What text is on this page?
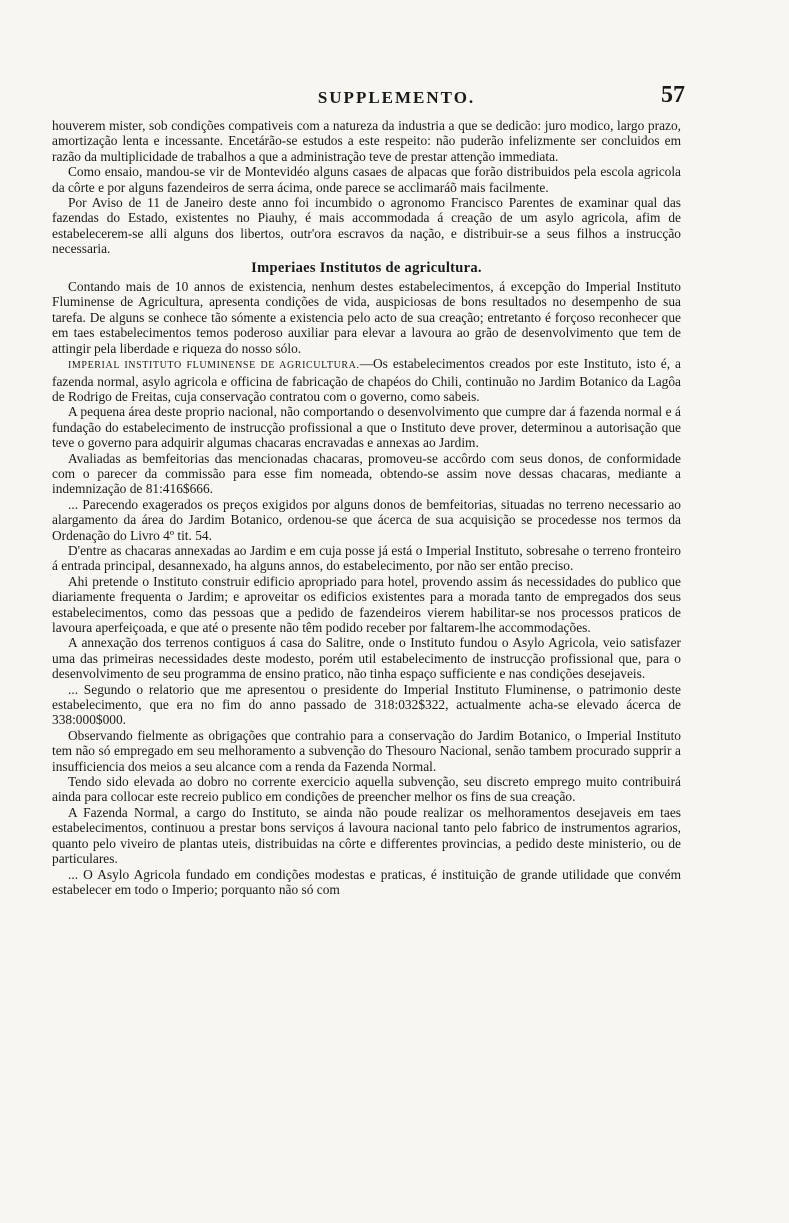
SUPPLEMENTO.	57

houverem mister, sob condições compativeis com a natureza da industria a que se dedicão: juro modico, largo prazo, amortização lenta e incessante. Encetárão-se estudos a este respeito: não puderão infelizmente ser concluidos em razão da multiplicidade de trabalhos a que a administração teve de prestar attenção immediata.

Como ensaio, mandou-se vir de Montevidéo alguns casaes de alpacas que forão distribuidos pela escola agricola da côrte e por alguns fazendeiros de serra ácima, onde parece se acclimaráõ mais facilmente.

Por Aviso de 11 de Janeiro deste anno foi incumbido o agronomo Francisco Parentes de examinar qual das fazendas do Estado, existentes no Piauhy, é mais accommodada á creação de um asylo agricola, afim de estabelecerem-se alli alguns dos libertos, outr'ora escravos da nação, e distribuir-se a seus filhos a instrucção necessaria.

Imperiaes Institutos de agricultura.

Contando mais de 10 annos de existencia, nenhum destes estabelecimentos, á excepção do Imperial Instituto Fluminense de Agricultura, apresenta condições de vida, auspiciosas de bons resultados no desempenho de sua tarefa. De alguns se conhece tão sómente a existencia pelo acto de sua creação; entretanto é forçoso reconhecer que em taes estabelecimentos temos poderoso auxiliar para elevar a lavoura ao grão de desenvolvimento que tem de attingir pela liberdade e riqueza do nosso sólo.

IMPERIAL INSTITUTO FLUMINENSE DE AGRICULTURA.—Os estabelecimentos creados por este Instituto, isto é, a fazenda normal, asylo agricola e officina de fabricação de chapéos do Chili, continuão no Jardim Botanico da Lagôa de Rodrigo de Freitas, cuja conservação contratou com o governo, como sabeis.

A pequena área deste proprio nacional, não comportando o desenvolvimento que cumpre dar á fazenda normal e á fundação do estabelecimento de instrucção profissional a que o Instituto deve prover, determinou a autorisação que teve o governo para adquirir algumas chacaras encravadas e annexas ao Jardim.

Avaliadas as bemfeitorias das mencionadas chacaras, promoveu-se accôrdo com seus donos, de conformidade com o parecer da commissão para esse fim nomeada, obtendo-se assim nove dessas chacaras, mediante a indemnização de 81:416$666.

... Parecendo exagerados os preços exigidos por alguns donos de bemfeitorias, situadas no terreno necessario ao alargamento da área do Jardim Botanico, ordenou-se que ácerca de sua acquisição se procedesse nos termos da Ordenação do Livro 4º tit. 54.

D'entre as chacaras annexadas ao Jardim e em cuja posse já está o Imperial Instituto, sobresahe o terreno fronteiro á entrada principal, desannexado, ha alguns annos, do estabelecimento, por não ser então preciso.

Ahi pretende o Instituto construir edificio apropriado para hotel, provendo assim ás necessidades do publico que diariamente frequenta o Jardim; e aproveitar os edificios existentes para a morada tanto de empregados dos seus estabelecimentos, como das pessoas que a pedido de fazendeiros vierem habilitar-se nos processos praticos de lavoura aperfeiçoada, e que até o presente não têm podido receber por faltarem-lhe accommodações.

A annexação dos terrenos contiguos á casa do Salitre, onde o Instituto fundou o Asylo Agricola, veio satisfazer uma das primeiras necessidades deste modesto, porém util estabelecimento de instrucção profissional que, para o desenvolvimento de seu programma de ensino pratico, não tinha espaço sufficiente e nas condições desejaveis.

... Segundo o relatorio que me apresentou o presidente do Imperial Instituto Fluminense, o patrimonio deste estabelecimento, que era no fim do anno passado de 318:032$322, actualmente acha-se elevado ácerca de 338:000$000.

Observando fielmente as obrigações que contrahio para a conservação do Jardim Botanico, o Imperial Instituto tem não só empregado em seu melhoramento a subvenção do Thesouro Nacional, senão tambem procurado supprir a insufficiencia dos meios a seu alcance com a renda da Fazenda Normal.

Tendo sido elevada ao dobro no corrente exercicio aquella subvenção, seu discreto emprego muito contribuirá ainda para collocar este recreio publico em condições de preencher melhor os fins de sua creação.

A Fazenda Normal, a cargo do Instituto, se ainda não poude realizar os melhoramentos desejaveis em taes estabelecimentos, continuou a prestar bons serviços á lavoura nacional tanto pelo fabrico de instrumentos agrarios, quanto pelo viveiro de plantas uteis, distribuidas na côrte e differentes provincias, a pedido deste ministerio, ou de particulares.

... O Asylo Agricola fundado em condições modestas e praticas, é instituição de grande utilidade que convém estabelecer em todo o Imperio; porquanto não só com
